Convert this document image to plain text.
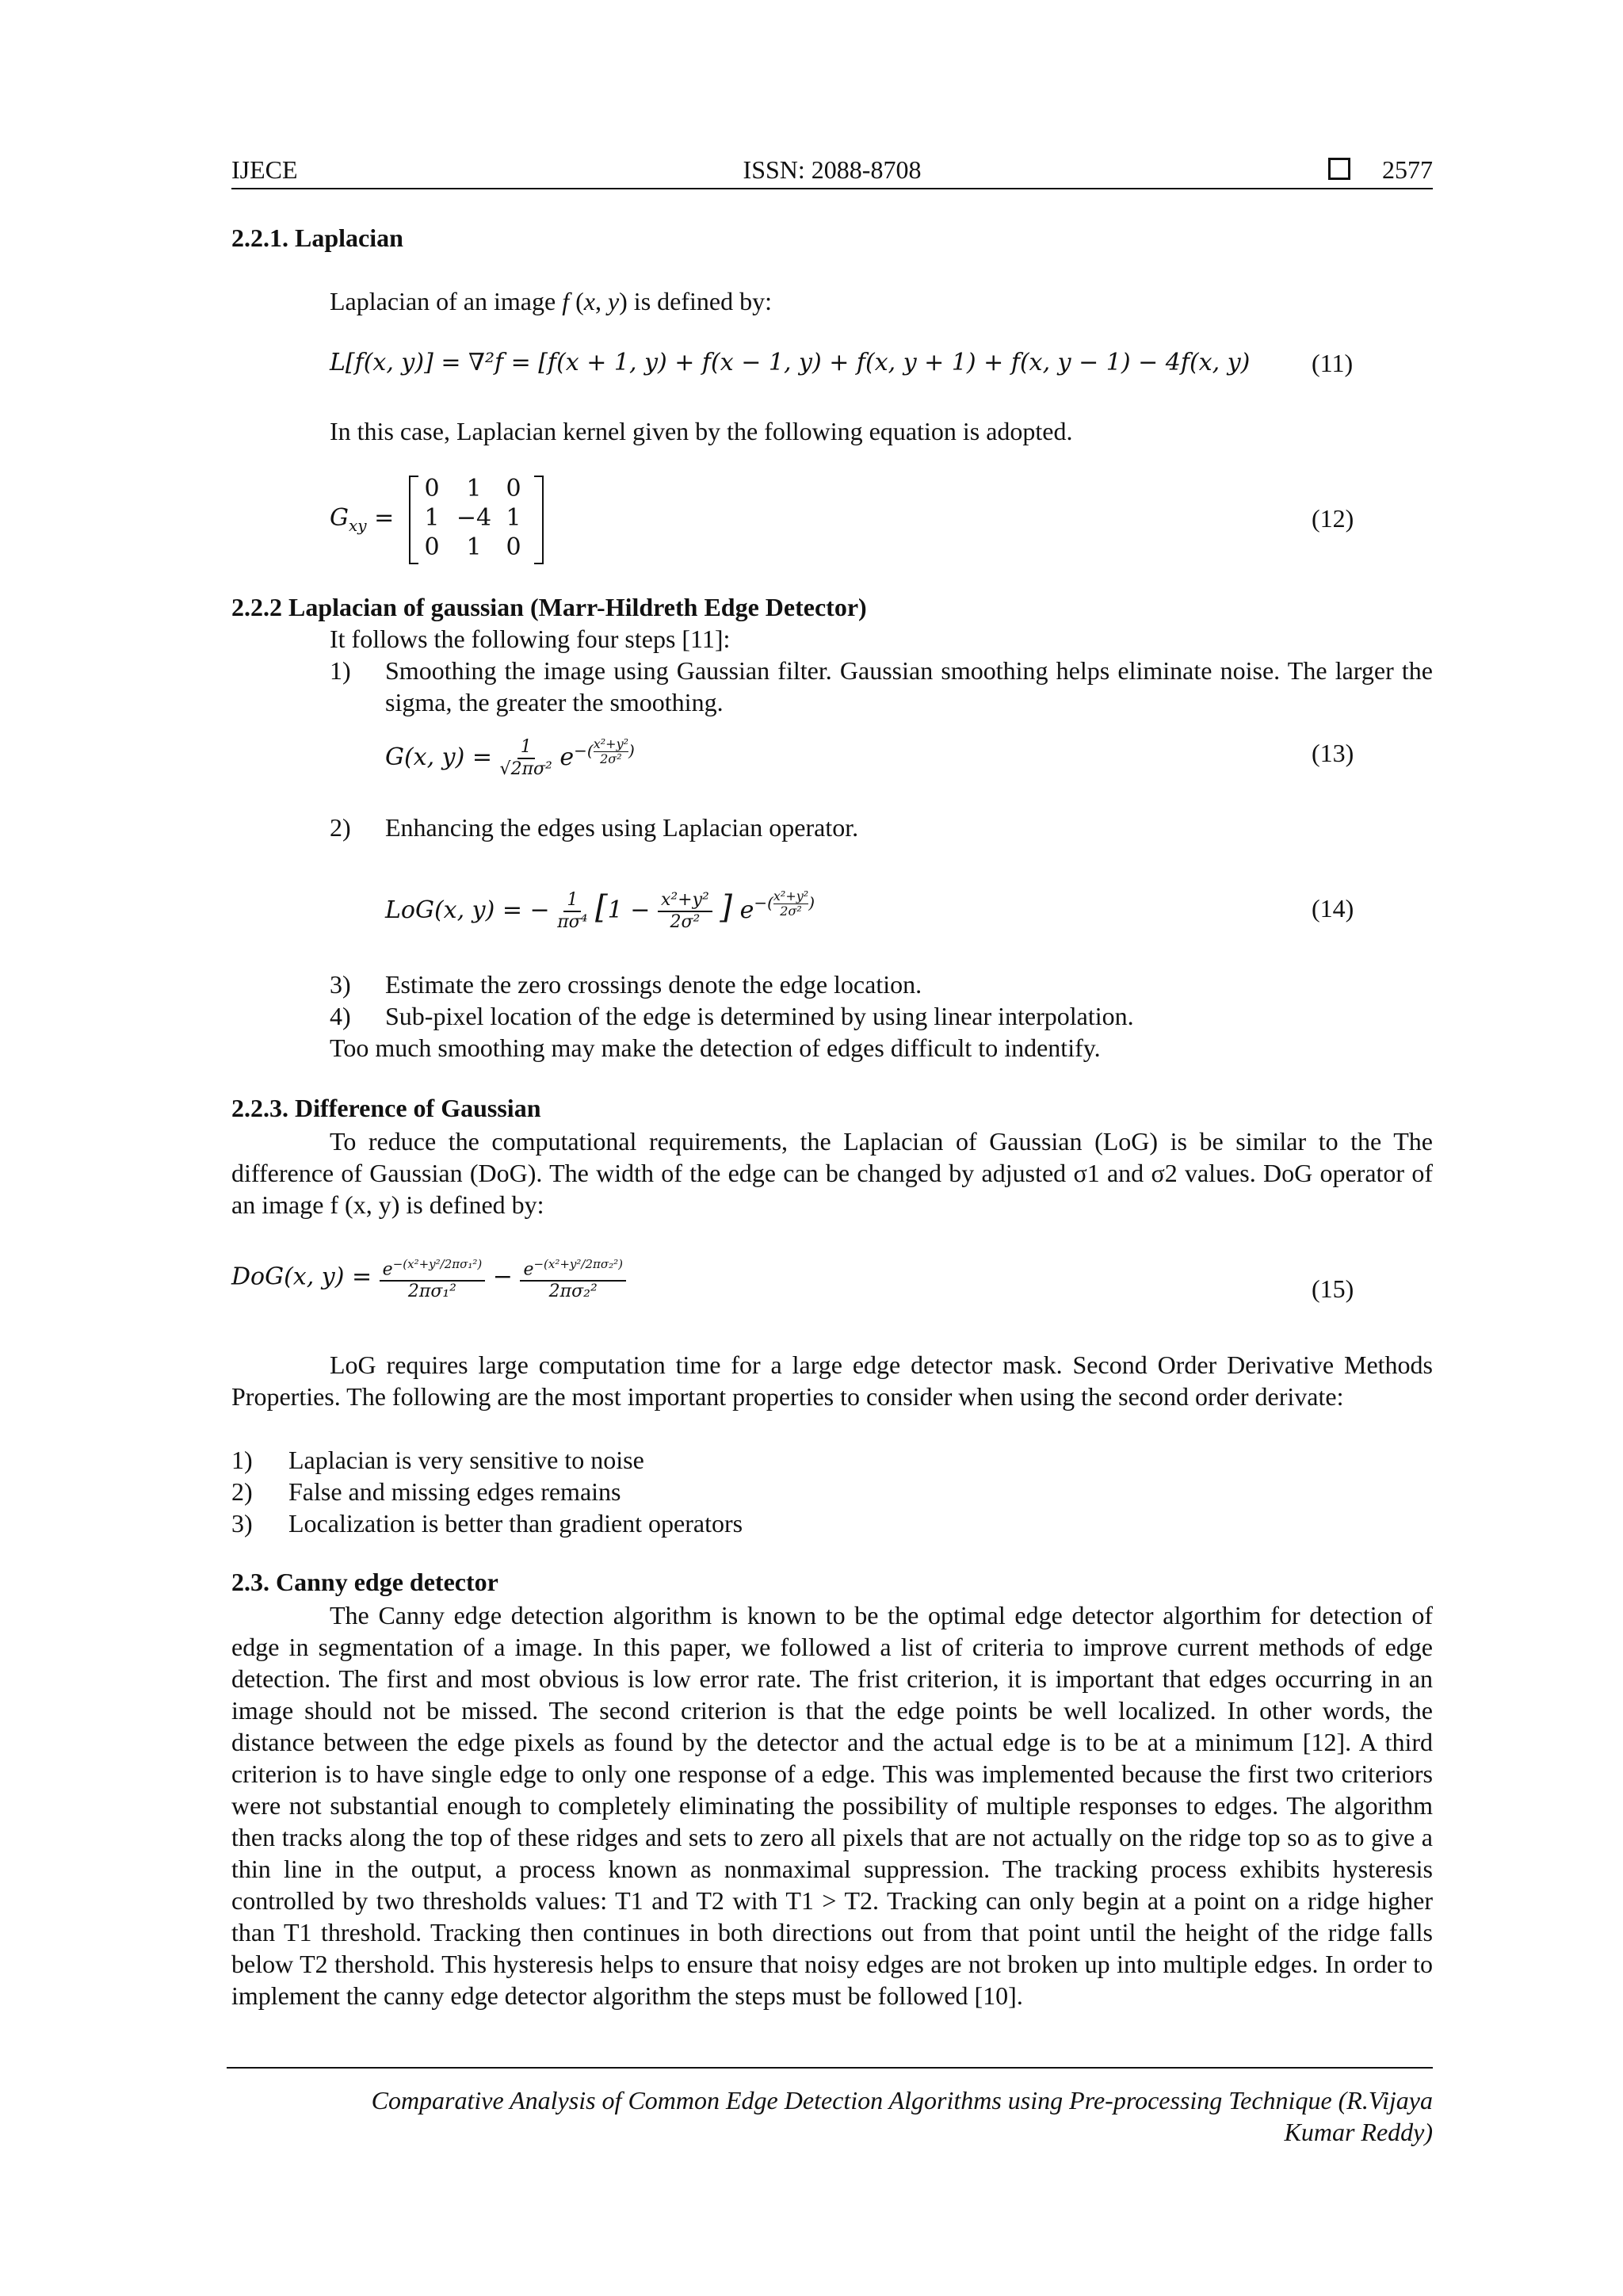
IJECE	ISSN: 2088-8708	2577
2.2.1. Laplacian
Laplacian of an image f (x, y) is defined by:
L[f(x, y)] = ∇²f = [f(x + 1, y) + f(x − 1, y) + f(x, y + 1) + f(x, y − 1) − 4f(x, y) (11)
In this case, Laplacian kernel given by the following equation is adopted.
$G_{xy}$ =
0	1	0
1 −4 1
0	1	0
(12)
2.2.2 Laplacian of gaussian (Marr-Hildreth Edge Detector)
It follows the following four steps [11]:
1) Smoothing the image using Gaussian filter. Gaussian smoothing helps eliminate noise. The larger the sigma, the greater the smoothing.
G(x, $y) = \frac{1}{\text{√2πσ²}} e^{-( \frac{\text{x²+y²}}{\text{2σ²}} )}$	(13)
2) Enhancing the edges using Laplacian operator.
LoG(x, y) = − $\frac{1}{\text{πσ⁴}} [1 - \frac{\text{x²+y²}}{\text{2σ²}}$ ] $e^{-( \frac{\text{x²+y²}}{\text{2σ²}} )}$	(14)
3) Estimate the zero crossings denote the edge location.
4) Sub-pixel location of the edge is determined by using linear interpolation.
Too much smoothing may make the detection of edges difficult to indentify.
2.2.3. Difference of Gaussian
To reduce the computational requirements, the Laplacian of Gaussian (LoG) is be similar to the The difference of Gaussian (DoG). The width of the edge can be changed by adjusted σ1 and σ2 values. DoG operator of an image f (x, y) is defined by:
DoG(x, $y) = \frac{e^{-(x^2+y^2/2\pi\sigma_1^2)}}{\text{2πσ₁²}} - \frac{e^{-(x^2+y^2/2\pi\sigma_2^2)}}{\text{2πσ₂²}}$	(15)
LoG requires large computation time for a large edge detector mask. Second Order Derivative Methods Properties. The following are the most important properties to consider when using the second order derivate:
1) Laplacian is very sensitive to noise
2) False and missing edges remains
3) Localization is better than gradient operators
2.3. Canny edge detector
The Canny edge detection algorithm is known to be the optimal edge detector algorthim for detection of edge in segmentation of a image. In this paper, we followed a list of criteria to improve current methods of edge detection. The first and most obvious is low error rate. The frist criterion, it is important that edges occurring in an image should not be missed. The second criterion is that the edge points be well localized. In other words, the distance between the edge pixels as found by the detector and the actual edge is to be at a minimum [12]. A third criterion is to have single edge to only one response of a edge. This was implemented because the first two criteriors were not substantial enough to completely eliminating the possibility of multiple responses to edges. The algorithm then tracks along the top of these ridges and sets to zero all pixels that are not actually on the ridge top so as to give a thin line in the output, a process known as nonmaximal suppression. The tracking process exhibits hysteresis controlled by two thresholds values: T1 and T2 with T1 > T2. Tracking can only begin at a point on a ridge higher than T1 threshold. Tracking then continues in both directions out from that point until the height of the ridge falls below T2 thershold. This hysteresis helps to ensure that noisy edges are not broken up into multiple edges. In order to implement the canny edge detector algorithm the steps must be followed [10].
Comparative Analysis of Common Edge Detection Algorithms using Pre-processing Technique (R.Vijaya
Kumar Reddy)
